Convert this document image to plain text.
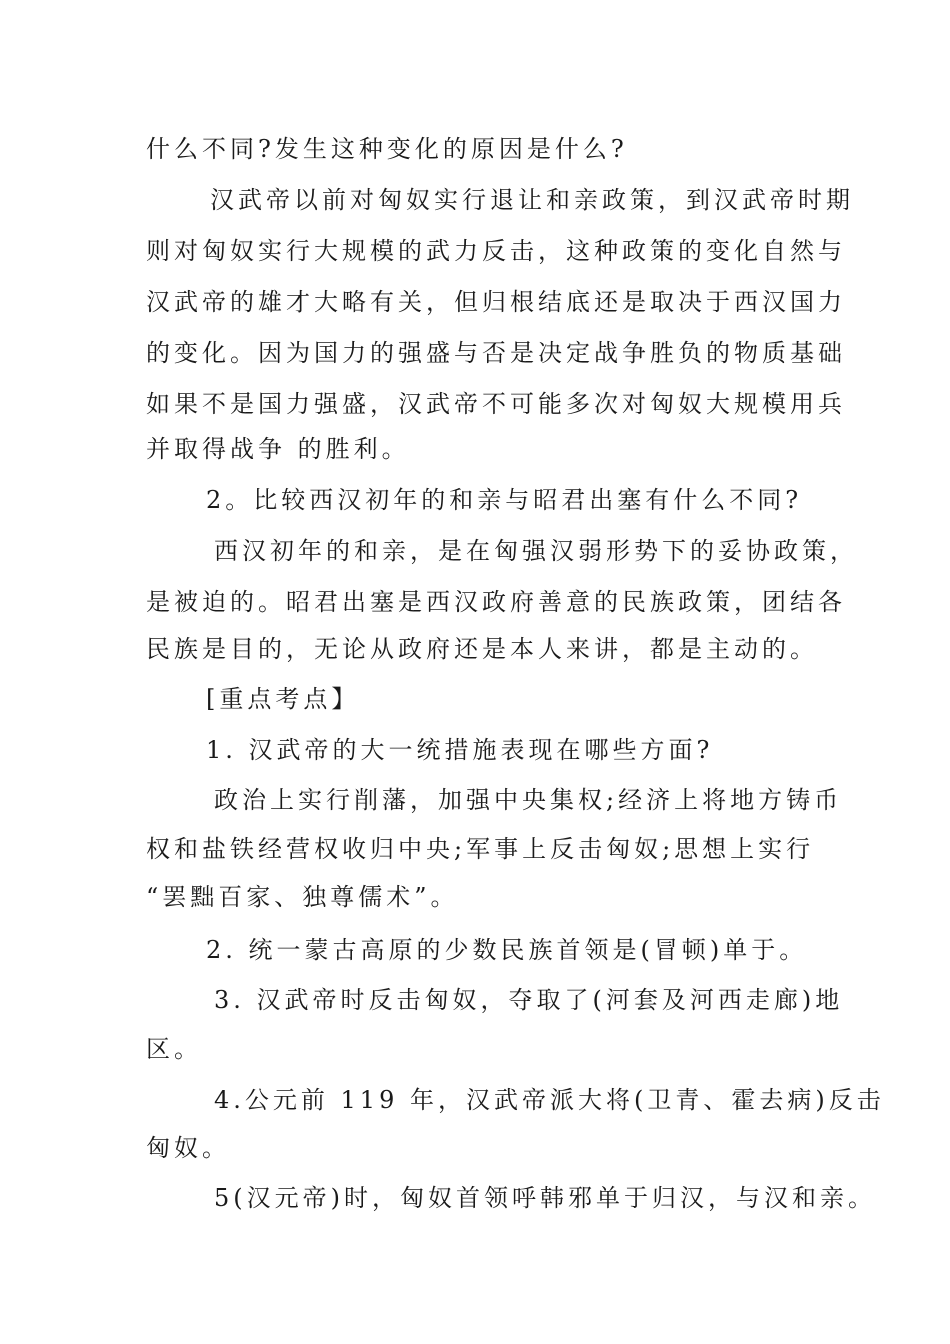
什么不同?发生这种变化的原因是什么?
汉武帝以前对匈奴实行退让和亲政策，到汉武帝时期
则对匈奴实行大规模的武力反击，这种政策的变化自然与
汉武帝的雄才大略有关，但归根结底还是取决于西汉国力
的变化。因为国力的强盛与否是决定战争胜负的物质基础
如果不是国力强盛，汉武帝不可能多次对匈奴大规模用兵
并取得战争 的胜利。
2。比较西汉初年的和亲与昭君出塞有什么不同?
西汉初年的和亲，是在匈强汉弱形势下的妥协政策，
是被迫的。昭君出塞是西汉政府善意的民族政策，团结各
民族是目的，无论从政府还是本人来讲，都是主动的。
[重点考点】
1. 汉武帝的大一统措施表现在哪些方面?
政治上实行削藩，加强中央集权;经济上将地方铸币
权和盐铁经营权收归中央;军事上反击匈奴;思想上实行
“罢黜百家、独尊儒术”。
2. 统一蒙古高原的少数民族首领是(冒顿)单于。
3. 汉武帝时反击匈奴，夺取了(河套及河西走廊)地
区。
4.公元前 119 年，汉武帝派大将(卫青、霍去病)反击
匈奴。
5(汉元帝)时，匈奴首领呼韩邪单于归汉，与汉和亲。
